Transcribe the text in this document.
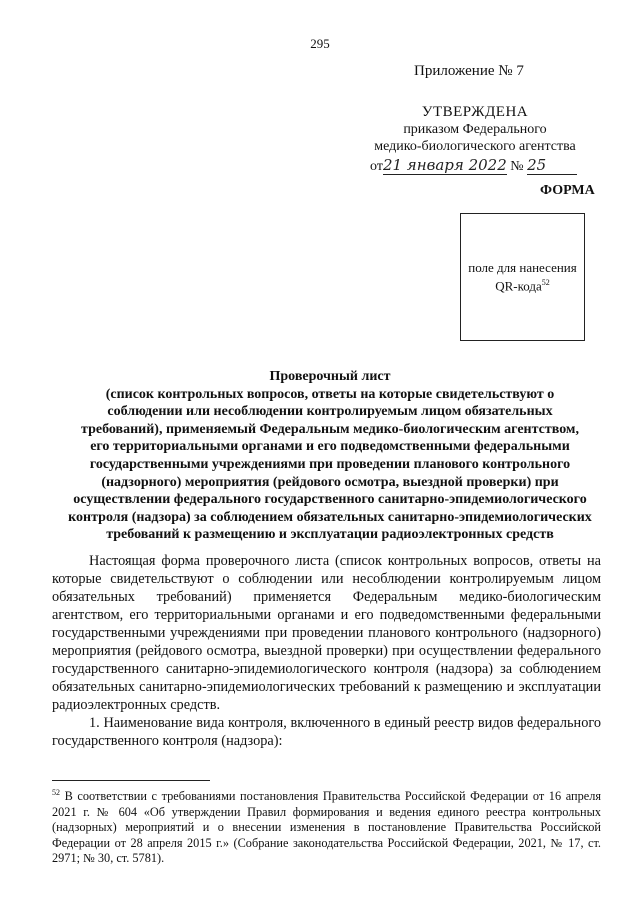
295
Приложение № 7
УТВЕРЖДЕНА
приказом Федерального
медико-биологического агентства
от21 января 2022 № 25
ФОРМА
поле для нанесения
QR-кода$^{52}$
Проверочный лист
(список контрольных вопросов, ответы на которые свидетельствуют о
соблюдении или несоблюдении контролируемым лицом обязательных
требований), применяемый Федеральным медико-биологическим агентством,
его территориальными органами и его подведомственными федеральными
государственными учреждениями при проведении планового контрольного
(надзорного) мероприятия (рейдового осмотра, выездной проверки) при
осуществлении федерального государственного санитарно-эпидемиологического
контроля (надзора) за соблюдением обязательных санитарно-эпидемиологических
требований к размещению и эксплуатации радиоэлектронных средств

Настоящая форма проверочного листа (список контрольных вопросов, ответы на которые свидетельствуют о соблюдении или несоблюдении контролируемым лицом обязательных требований) применяется Федеральным медико-биологическим агентством, его территориальными органами и его подведомственными федеральными государственными учреждениями при проведении планового контрольного (надзорного) мероприятия (рейдового осмотра, выездной проверки) при осуществлении федерального государственного санитарно-эпидемиологического контроля (надзора) за соблюдением обязательных санитарно-эпидемиологических требований к размещению и эксплуатации радиоэлектронных средств.

1. Наименование вида контроля, включенного в единый реестр видов федерального государственного контроля (надзора):

$^{52}$ В соответствии с требованиями постановления Правительства Российской Федерации от 16 апреля 2021 г. № 604 «Об утверждении Правил формирования и ведения единого реестра контрольных (надзорных) мероприятий и о внесении изменения в постановление Правительства Российской Федерации от 28 апреля 2015 г.» (Собрание законодательства Российской Федерации, 2021, № 17, ст. 2971; № 30, ст. 5781).
